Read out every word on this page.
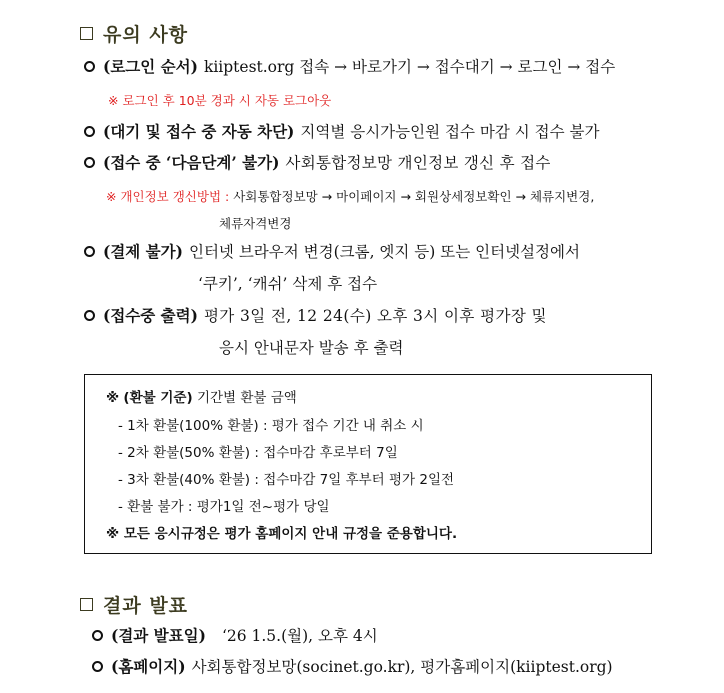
유의 사항
(로그인 순서) kiiptest.org 접속 → 바로가기 → 접수대기 → 로그인 → 접수
※ 로그인 후 10분 경과 시 자동 로그아웃
(대기 및 접수 중 자동 차단) 지역별 응시가능인원 접수 마감 시 접수 불가
(접수 중 ‘다음단계’ 불가) 사회통합정보망 개인정보 갱신 후 접수
※ 개인정보 갱신방법 : 사회통합정보망 → 마이페이지 → 회원상세정보확인 → 체류지변경,
체류자격변경
(결제 불가) 인터넷 브라우저 변경(크롬, 엣지 등) 또는 인터넷설정에서
‘쿠키’, ‘캐쉬’ 삭제 후 접수
(접수중 출력) 평가 3일 전, 12 24(수) 오후 3시 이후 평가장 및
응시 안내문자 발송 후 출력
※ (환불 기준) 기간별 환불 금액
- 1차 환불(100% 환불) : 평가 접수 기간 내 취소 시
- 2차 환불(50% 환불) : 접수마감 후로부터 7일
- 3차 환불(40% 환불) : 접수마감 7일 후부터 평가 2일전
- 환불 불가 : 평가1일 전~평가 당일
※ 모든 응시규정은 평가 홈페이지 안내 규정을 준용합니다.
결과 발표
(결과 발표일) ‘26 1.5.(월), 오후 4시
(홈페이지) 사회통합정보망(socinet.go.kr), 평가홈페이지(kiiptest.org)
